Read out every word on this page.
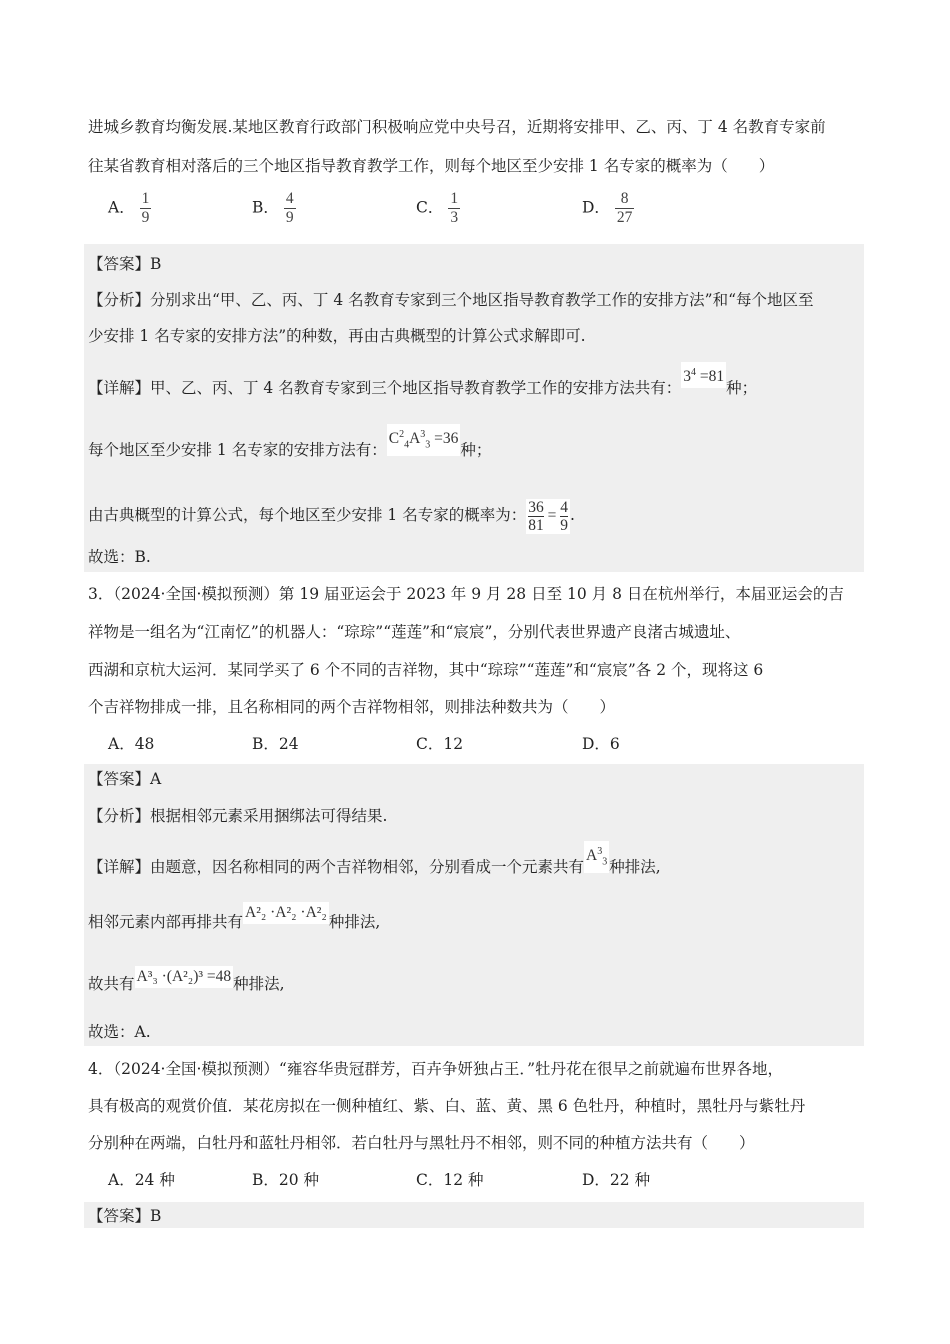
进城乡教育均衡发展.某地区教育行政部门积极响应党中央号召，近期将安排甲、乙、丙、丁 4 名教育专家前
往某省教育相对落后的三个地区指导教育教学工作，则每个地区至少安排 1 名专家的概率为（　　）
A． $\frac{1}{9}$	B． $\frac{4}{9}$	C． $\frac{1}{3}$	D． $\frac{8}{27}$
【答案】B
【分析】分别求出“甲、乙、丙、丁 4 名教育专家到三个地区指导教育教学工作的安排方法”和“每个地区至
少安排 1 名专家的安排方法”的种数，再由古典概型的计算公式求解即可.
【详解】甲、乙、丙、丁 4 名教育专家到三个地区指导教育教学工作的安排方法共有：$3^4 =81$种；
每个地区至少安排 1 名专家的安排方法有：$C^2_4A^3_3 =36$种；
由古典概型的计算公式，每个地区至少安排 1 名专家的概率为： $\frac{36}{81} = \frac{4}{9}$ .
故选：B.
3．（2024·全国·模拟预测）第 19 届亚运会于 2023 年 9 月 28 日至 10 月 8 日在杭州举行，本届亚运会的吉
祥物是一组名为“江南忆”的机器人：“琮琮”“莲莲”和“宸宸”，分别代表世界遗产良渚古城遗址、
西湖和京杭大运河．某同学买了 6 个不同的吉祥物，其中“琮琮”“莲莲”和“宸宸”各 2 个，现将这 6
个吉祥物排成一排，且名称相同的两个吉祥物相邻，则排法种数共为（　　）
A．48	B．24	C．12	D．6
【答案】A
【分析】根据相邻元素采用捆绑法可得结果.
【详解】由题意，因名称相同的两个吉祥物相邻，分别看成一个元素共有$A^3_3$ 种排法,
相邻元素内部再排共有A²₂ ·A²₂ ·A²₂种排法,
故共有 A³₃ ·(A²₂)³ =48 种排法,
故选：A.
4．（2024·全国·模拟预测）“雍容华贵冠群芳，百卉争妍独占王．”牡丹花在很早之前就遍布世界各地，
具有极高的观赏价值．某花房拟在一侧种植红、紫、白、蓝、黄、黑 6 色牡丹，种植时，黑牡丹与紫牡丹
分别种在两端，白牡丹和蓝牡丹相邻．若白牡丹与黑牡丹不相邻，则不同的种植方法共有（　　）
A．24 种	B．20 种	C．12 种	D．22 种
【答案】B
